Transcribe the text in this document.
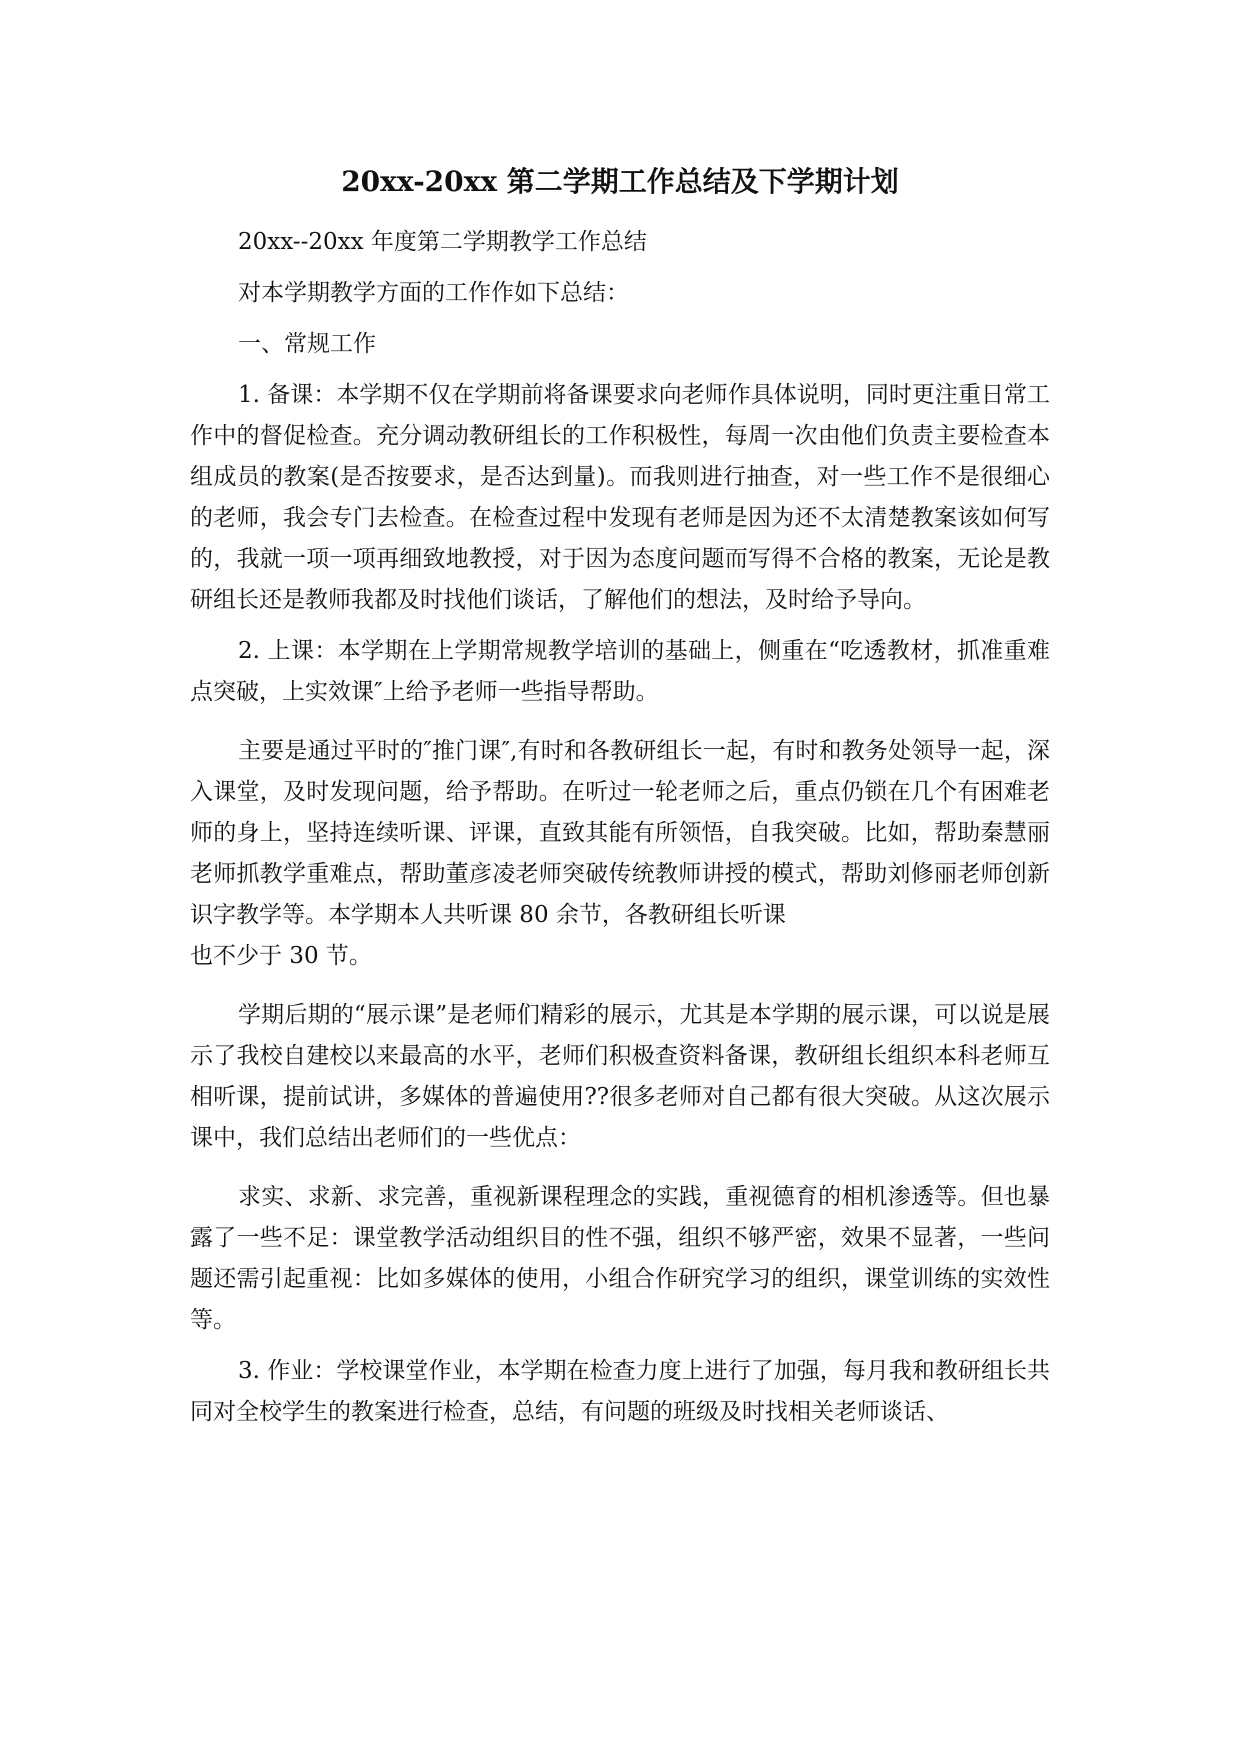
20xx-20xx 第二学期工作总结及下学期计划

20xx--20xx 年度第二学期教学工作总结

对本学期教学方面的工作作如下总结：

一、常规工作

1. 备课：本学期不仅在学期前将备课要求向老师作具体说明，同时更注重日常工作中的督促检查。充分调动教研组长的工作积极性，每周一次由他们负责主要检查本组成员的教案(是否按要求，是否达到量)。而我则进行抽查，对一些工作不是很细心的老师，我会专门去检查。在检查过程中发现有老师是因为还不太清楚教案该如何写的，我就一项一项再细致地教授，对于因为态度问题而写得不合格的教案，无论是教研组长还是教师我都及时找他们谈话，了解他们的想法，及时给予导向。

2. 上课：本学期在上学期常规教学培训的基础上，侧重在“吃透教材，抓准重难点突破，上实效课″上给予老师一些指导帮助。

主要是通过平时的″推门课″,有时和各教研组长一起，有时和教务处领导一起，深入课堂，及时发现问题，给予帮助。在听过一轮老师之后，重点仍锁在几个有困难老师的身上，坚持连续听课、评课，直致其能有所领悟，自我突破。比如，帮助秦慧丽老师抓教学重难点，帮助董彦凌老师突破传统教师讲授的模式，帮助刘修丽老师创新识字教学等。本学期本人共听课 80 余节，各教研组长听课

也不少于 30 节。

学期后期的“展示课”是老师们精彩的展示，尤其是本学期的展示课，可以说是展示了我校自建校以来最高的水平，老师们积极查资料备课，教研组长组织本科老师互相听课，提前试讲，多媒体的普遍使用??很多老师对自己都有很大突破。从这次展示课中，我们总结出老师们的一些优点：

求实、求新、求完善，重视新课程理念的实践，重视德育的相机渗透等。但也暴露了一些不足：课堂教学活动组织目的性不强，组织不够严密，效果不显著，一些问题还需引起重视：比如多媒体的使用，小组合作研究学习的组织，课堂训练的实效性等。

3. 作业：学校课堂作业，本学期在检查力度上进行了加强，每月我和教研组长共同对全校学生的教案进行检查，总结，有问题的班级及时找相关老师谈话、
